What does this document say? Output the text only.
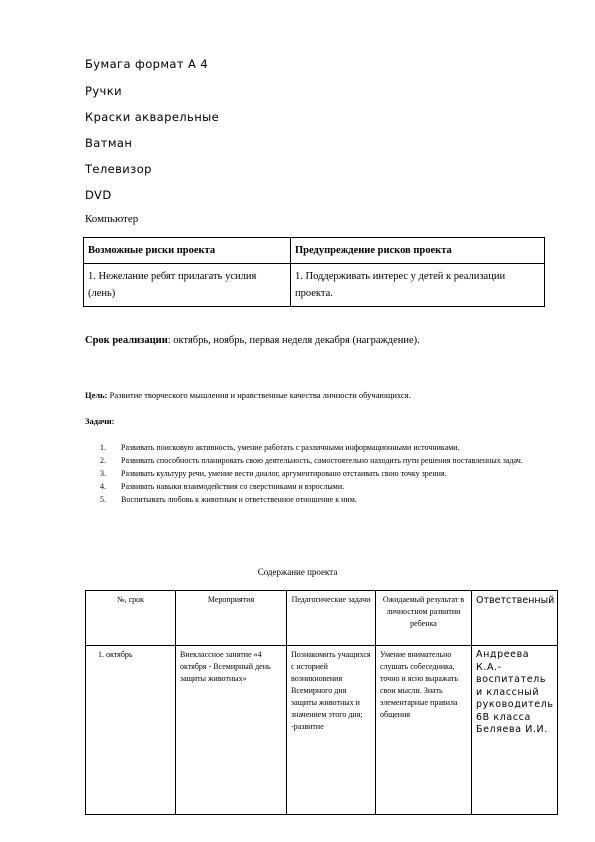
Бумага формат А 4
Ручки
Краски акварельные
Ватман
Телевизор
DVD
Компьютер
Возможные риски проекта	Предупреждение рисков проекта
1. Нежелание ребят прилагать усилия (лень)	1. Поддерживать интерес у детей к реализации проекта.
Срок реализации: октябрь, ноябрь, первая неделя декабря (награждение).
Цель: Развитие творческого мышления и нравственные качества личности обучающихся.
Задачи:
1. Развивать поисковую активность, умение работать с различными информационными источниками.
2. Развивать способность планировать свою деятельность, самостоятельно находить пути решения поставленных задач.
3. Развивать культуру речи, умение вести диалог, аргументировано отстаивать свою точку зрения.
4. Развивать навыки взаимодействия со сверстниками и взрослыми.
5. Воспитывать любовь к животным и ответственное отношение к ним.
Содержание проекта
№, срок	Мероприятия	Педагогические задачи	Ожидаемый результат в личностном развитии ребенка	Ответственный
1. октябрь	Внеклассное занятие «4 октября - Всемирный день защиты животных»	Познакомить учащихся с историей возникновения Всемирного дня защиты животных и значением этого дня; -развитие	Умение внимательно слушать собеседника, точно и ясно выражать свои мысли. Знать элементарные правила общения	Андреева К.А.- воспитатель и классный руководитель 6В класса Беляева И.И.
